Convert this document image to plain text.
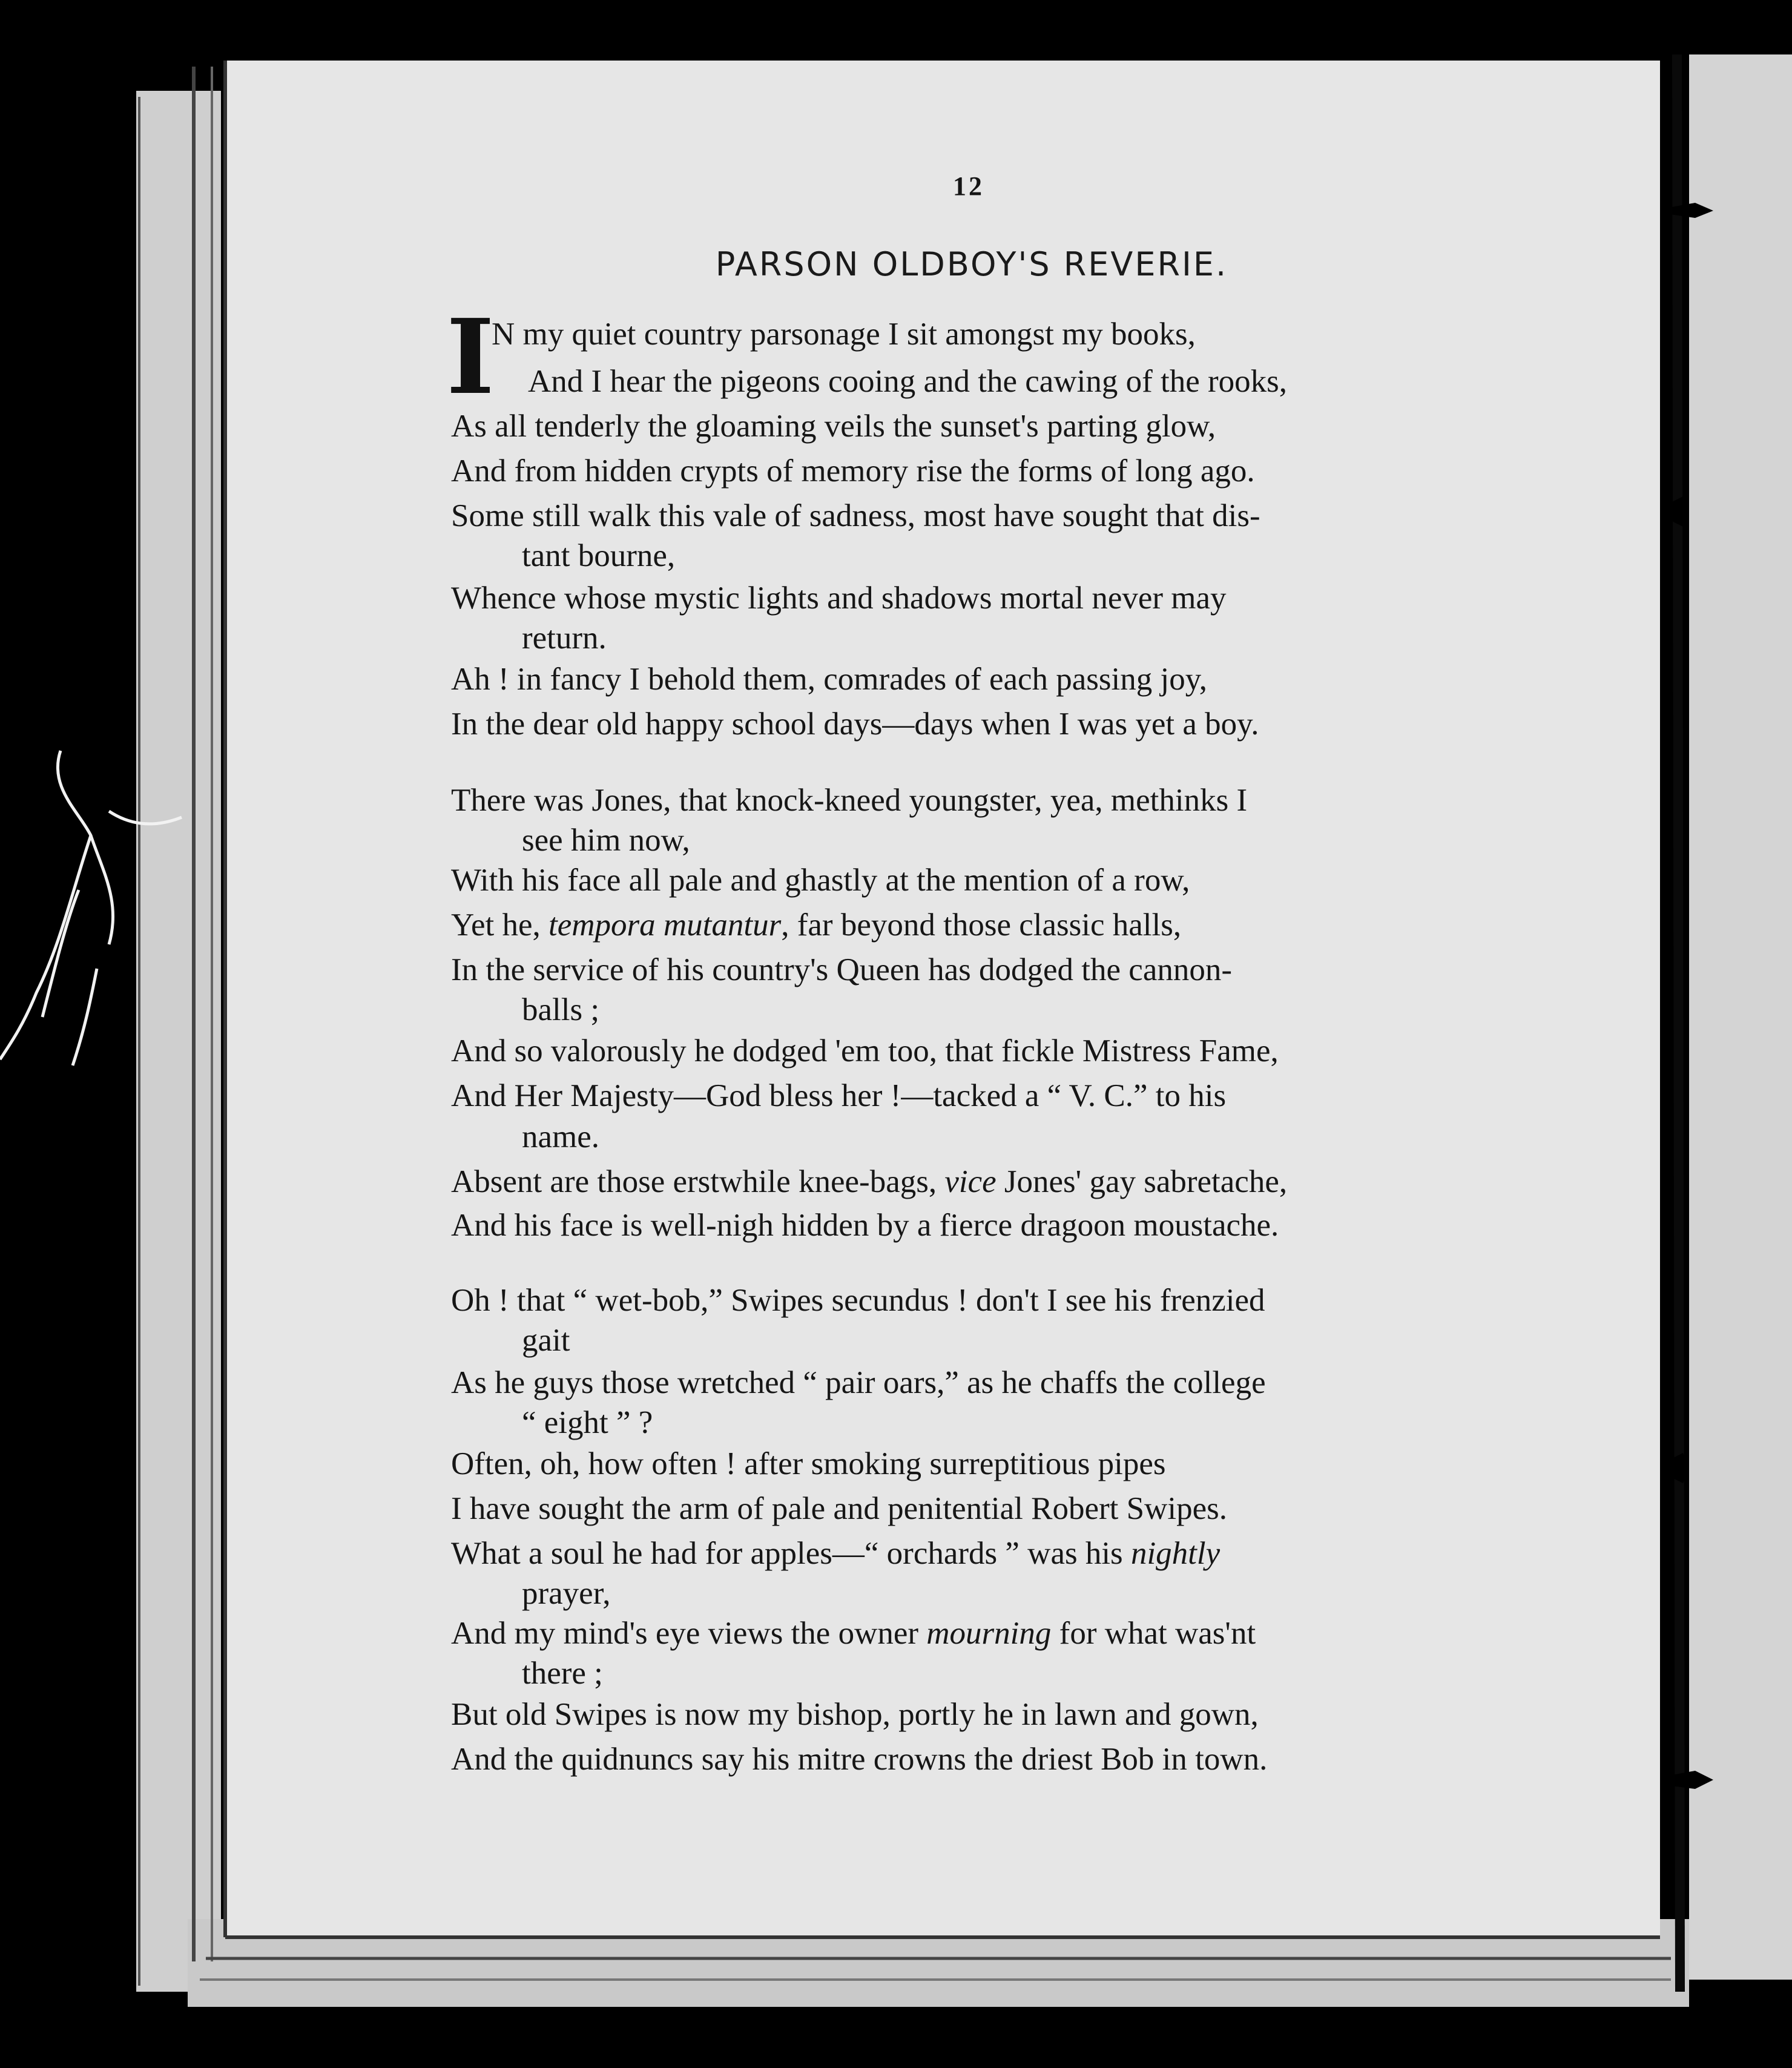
12
PARSON OLDBOY'S REVERIE.
I
N my quiet country parsonage I sit amongst my books,
And I hear the pigeons cooing and the cawing of the rooks,
As all tenderly the gloaming veils the sunset's parting glow,
And from hidden crypts of memory rise the forms of long ago.
Some still walk this vale of sadness, most have sought that dis-
tant bourne,
Whence whose mystic lights and shadows mortal never may
return.
Ah ! in fancy I behold them, comrades of each passing joy,
In the dear old happy school days—days when I was yet a boy.
There was Jones, that knock-kneed youngster, yea, methinks I
see him now,
With his face all pale and ghastly at the mention of a row,
Yet he, tempora mutantur, far beyond those classic halls,
In the service of his country's Queen has dodged the cannon-
balls ;
And so valorously he dodged 'em too, that fickle Mistress Fame,
And Her Majesty—God bless her !—tacked a “ V. C.” to his
name.
Absent are those erstwhile knee-bags, vice Jones' gay sabretache,
And his face is well-nigh hidden by a fierce dragoon moustache.
Oh ! that “ wet-bob,” Swipes secundus ! don't I see his frenzied
gait
As he guys those wretched “ pair oars,” as he chaffs the college
“ eight ” ?
Often, oh, how often ! after smoking surreptitious pipes
I have sought the arm of pale and penitential Robert Swipes.
What a soul he had for apples—“ orchards ” was his nightly
prayer,
And my mind's eye views the owner mourning for what was'nt
there ;
But old Swipes is now my bishop, portly he in lawn and gown,
And the quidnuncs say his mitre crowns the driest Bob in town.
